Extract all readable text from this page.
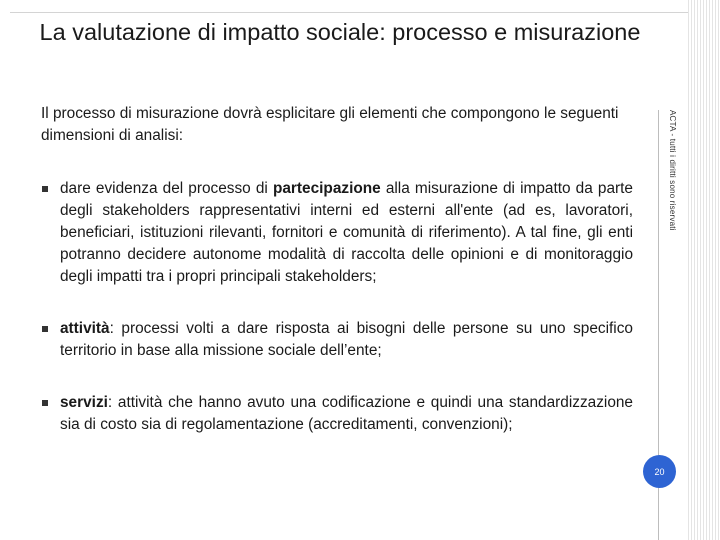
La valutazione di impatto sociale: processo e misurazione
ACTA - tutti i diritti sono riservati

Il processo di misurazione dovrà esplicitare gli elementi che compongono le seguenti dimensioni di analisi:

dare evidenza del processo di partecipazione alla misurazione di impatto da parte degli stakeholders rappresentativi interni ed esterni all'ente (ad es, lavoratori, beneficiari, istituzioni rilevanti, fornitori e comunità di riferimento). A tal fine, gli enti potranno decidere autonome modalità di raccolta delle opinioni e di monitoraggio degli impatti tra i propri principali stakeholders;
attività: processi volti a dare risposta ai bisogni delle persone su uno specifico territorio in base alla missione sociale dell’ente;
servizi: attività che hanno avuto una codificazione e quindi una standardizzazione sia di costo sia di regolamentazione (accreditamenti, convenzioni);
20
